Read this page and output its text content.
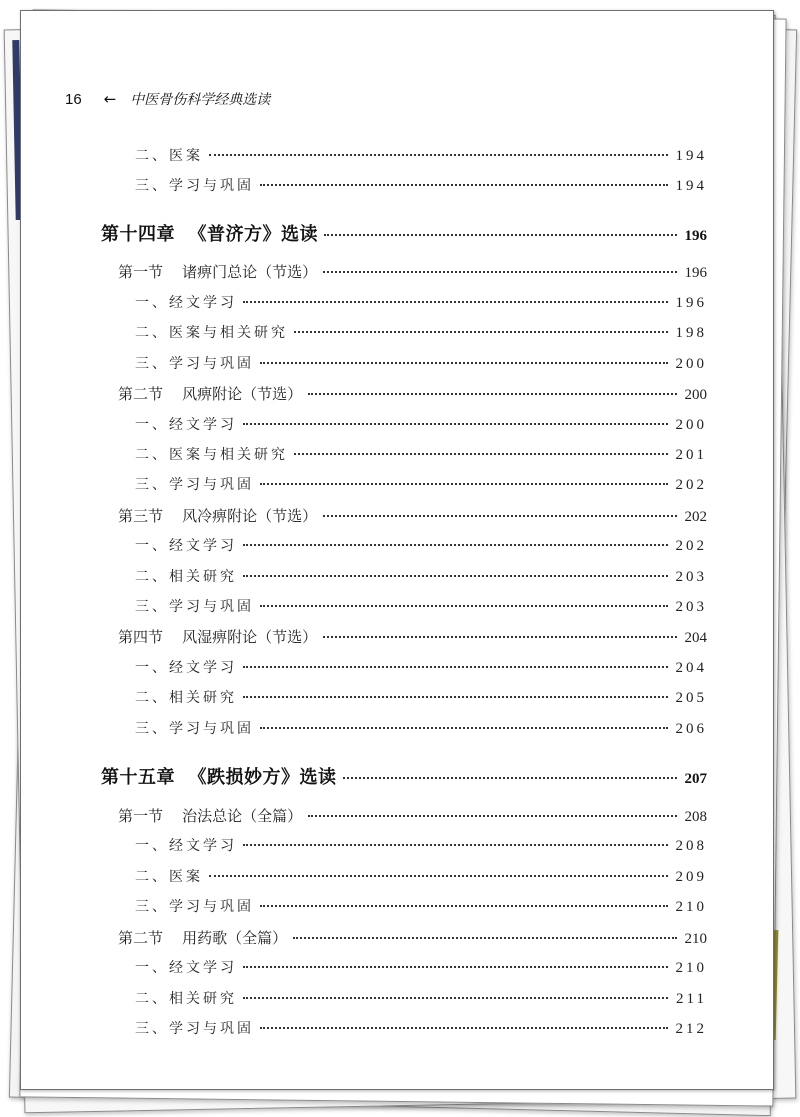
16 ← 中医骨伤科学经典选读
二、医案	194
三、学习与巩固	194
第十四章  《普济方》选读	196
第一节    诸痹门总论（节选）	196
一、经文学习	196
二、医案与相关研究	198
三、学习与巩固	200
第二节    风痹附论（节选）	200
一、经文学习	200
二、医案与相关研究	201
三、学习与巩固	202
第三节    风冷痹附论（节选）	202
一、经文学习	202
二、相关研究	203
三、学习与巩固	203
第四节    风湿痹附论（节选）	204
一、经文学习	204
二、相关研究	205
三、学习与巩固	206
第十五章  《跌损妙方》选读	207
第一节    治法总论（全篇）	208
一、经文学习	208
二、医案	209
三、学习与巩固	210
第二节    用药歌（全篇）	210
一、经文学习	210
二、相关研究	211
三、学习与巩固	212
